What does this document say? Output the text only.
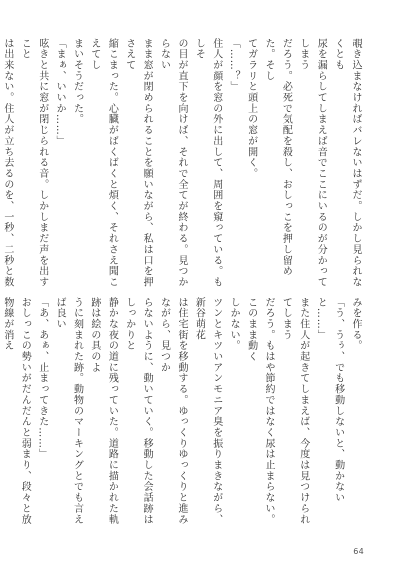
覗き込まなければバレないはずだ。しかし見られなくとも

尿を漏らしてしまえば音でここにいるのが分かってしまう

だろう。必死で気配を殺し、おしっこを押し留めた。そし

てガラリと頭上の窓が開く。

「……？」

住人が顔を窓の外に出して、周囲を窺っている。もしそ

の目が直下を向けば、それで全てが終わる。見つからない

まま窓が閉められることを願いながら、私は口を押さえて

縮こまった。心臓がばくばくと煩く、それさえ聞こえてし

まいそうだった。

「まぁ、いいか……」

呟きと共に窓が閉じられる音。しかしまだ声を出すこと

は出来ない。住人が立ち去るのを、一秒、二秒と数

みを作る。

「う、うぅ、でも移動しないと、動かないと……」

また住人が起きてしまえば、今度は見つけられてしまう

だろう。もはや節約ではなく尿は止まらない。このまま動く

しかない。

ツンとキツいアンモニア臭を振りまきながら、新谷萌花

は住宅街を移動する。ゆっくりゆっくりと進みながら、見つか

らないように、動いていく。移動した会話跡はしっかりと

静かな夜の道に残っていた。道路に描かれた軌跡は絵の具のよ

うに刻まれた跡。動物のマーキングとでも言えば良い

「あ、あぁ、止まってきた……」

おしっこの勢いがだんだんと弱まり、段々と放物線が消え

64
